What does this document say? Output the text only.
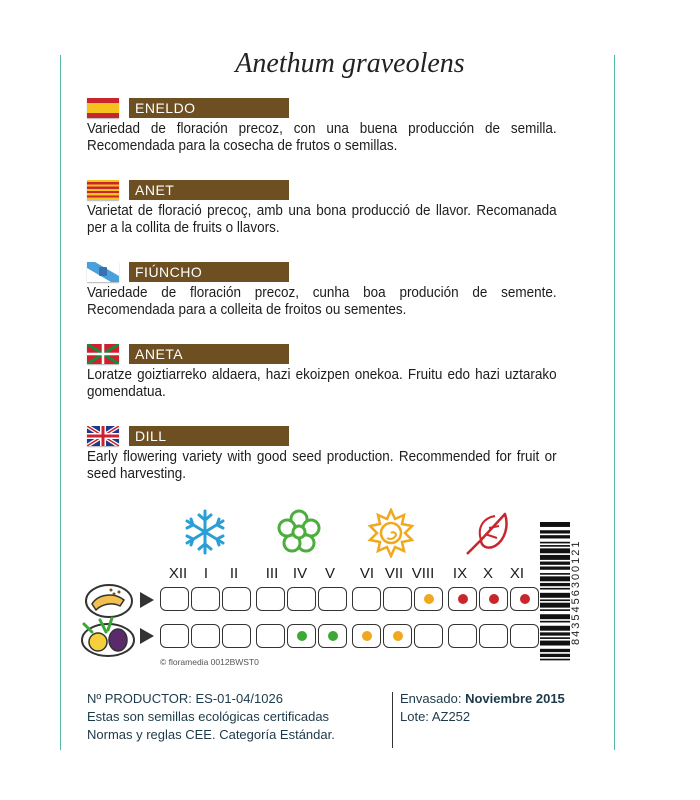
Anethum graveolens
ENELDO
Variedad de floración precoz, con una buena producción de semilla. Recomendada para la cosecha de frutos o semillas.
ANET
Varietat de floració precoç, amb una bona producció de llavor. Recomanada per a la collita de fruits o llavors.
FIÚNCHO
Variedade de floración precoz, cunha boa produción de semente. Recomendada para a colleita de froitos ou sementes.
ANETA
Loratze goiztiarreko aldaera, hazi ekoizpen onekoa. Fruitu edo hazi uztarako gomendatua.
DILL
Early flowering variety with good seed production. Recommended for fruit or seed harvesting.
XII	I	II	III IV	V	VI VII VIII	IX	X	XI
© floramedia 0012BWST0
8435456300121
Nº PRODUCTOR: ES-01-04/1026
Estas son semillas ecológicas certificadas
Normas y reglas CEE. Categoría Estándar.
Envasado: Noviembre 2015
Lote: AZ252
